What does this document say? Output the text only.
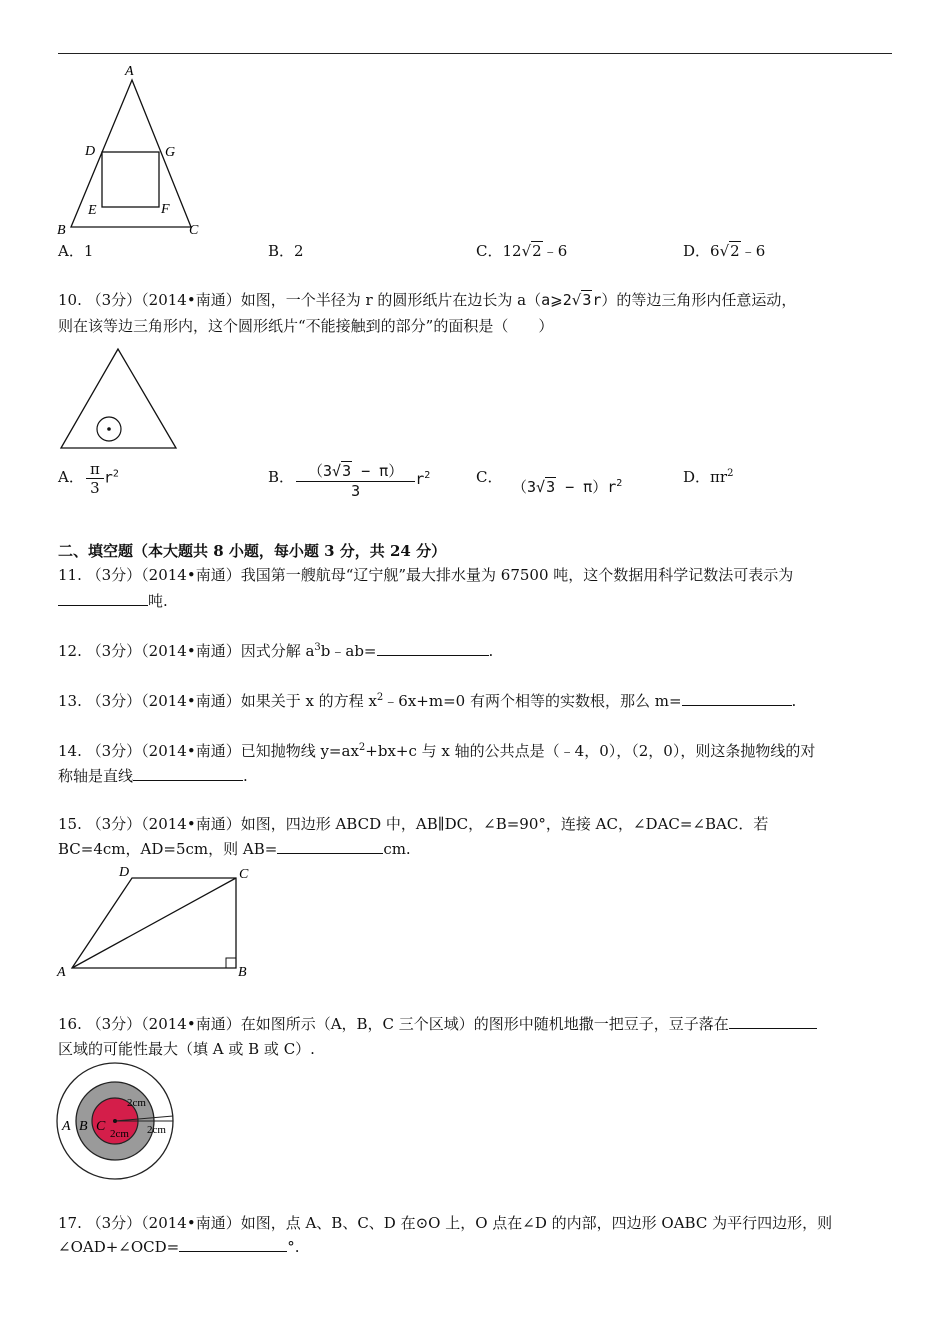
A
D	G
E	F
B	C
A．1	B．2	C．12√2﹣6	D．6√2﹣6
10. （3分）（2014•南通）如图，一个半径为 r 的圆形纸片在边长为 a（a⩾2√3r）的等边三角形内任意运动，
则在该等边三角形内，这个圆形纸片“不能接触到的部分”的面积是（　　）
A． $\frac{\pi}{3} r^2$	B． $\frac{(3√3 - \pi)}{3} r^2$	C．
$(3√3 - \pi)r^2$	D．$\pi r^2$
二、填空题（本大题共 8 小题，每小题 3 分，共 24 分）
11. （3分）（2014•南通）我国第一艘航母“辽宁舰”最大排水量为 67500 吨，这个数据用科学记数法可表示为
吨.
12. （3分）（2014•南通）因式分解 $a^3b﹣ab=$	.
13. （3分）（2014•南通）如果关于 x 的方程 $x^2﹣6x+m=0$ 有两个相等的实数根，那么 m=	.
14. （3分）（2014•南通）已知抛物线 $y=ax^2+bx+c$ 与 x 轴的公共点是（﹣4，0），（2，0），则这条抛物线的对
称轴是直线	.
15. （3分）（2014•南通）如图，四边形 ABCD 中，AB∥DC，∠B=90°，连接 AC，∠DAC=∠BAC．若
BC=4cm，AD=5cm，则 AB=	cm.
D	C
A	B
16. （3分）（2014•南通）在如图所示（A，B，C 三个区域）的图形中随机地撒一把豆子，豆子落在
区域的可能性最大（填 A 或 B 或 C）.
A B C
2cm
2cm
2cm
17. （3分）（2014•南通）如图，点 A、B、C、D 在⊙O 上，O 点在∠D 的内部，四边形 OABC 为平行四边形，则
∠OAD+∠OCD=	°.
